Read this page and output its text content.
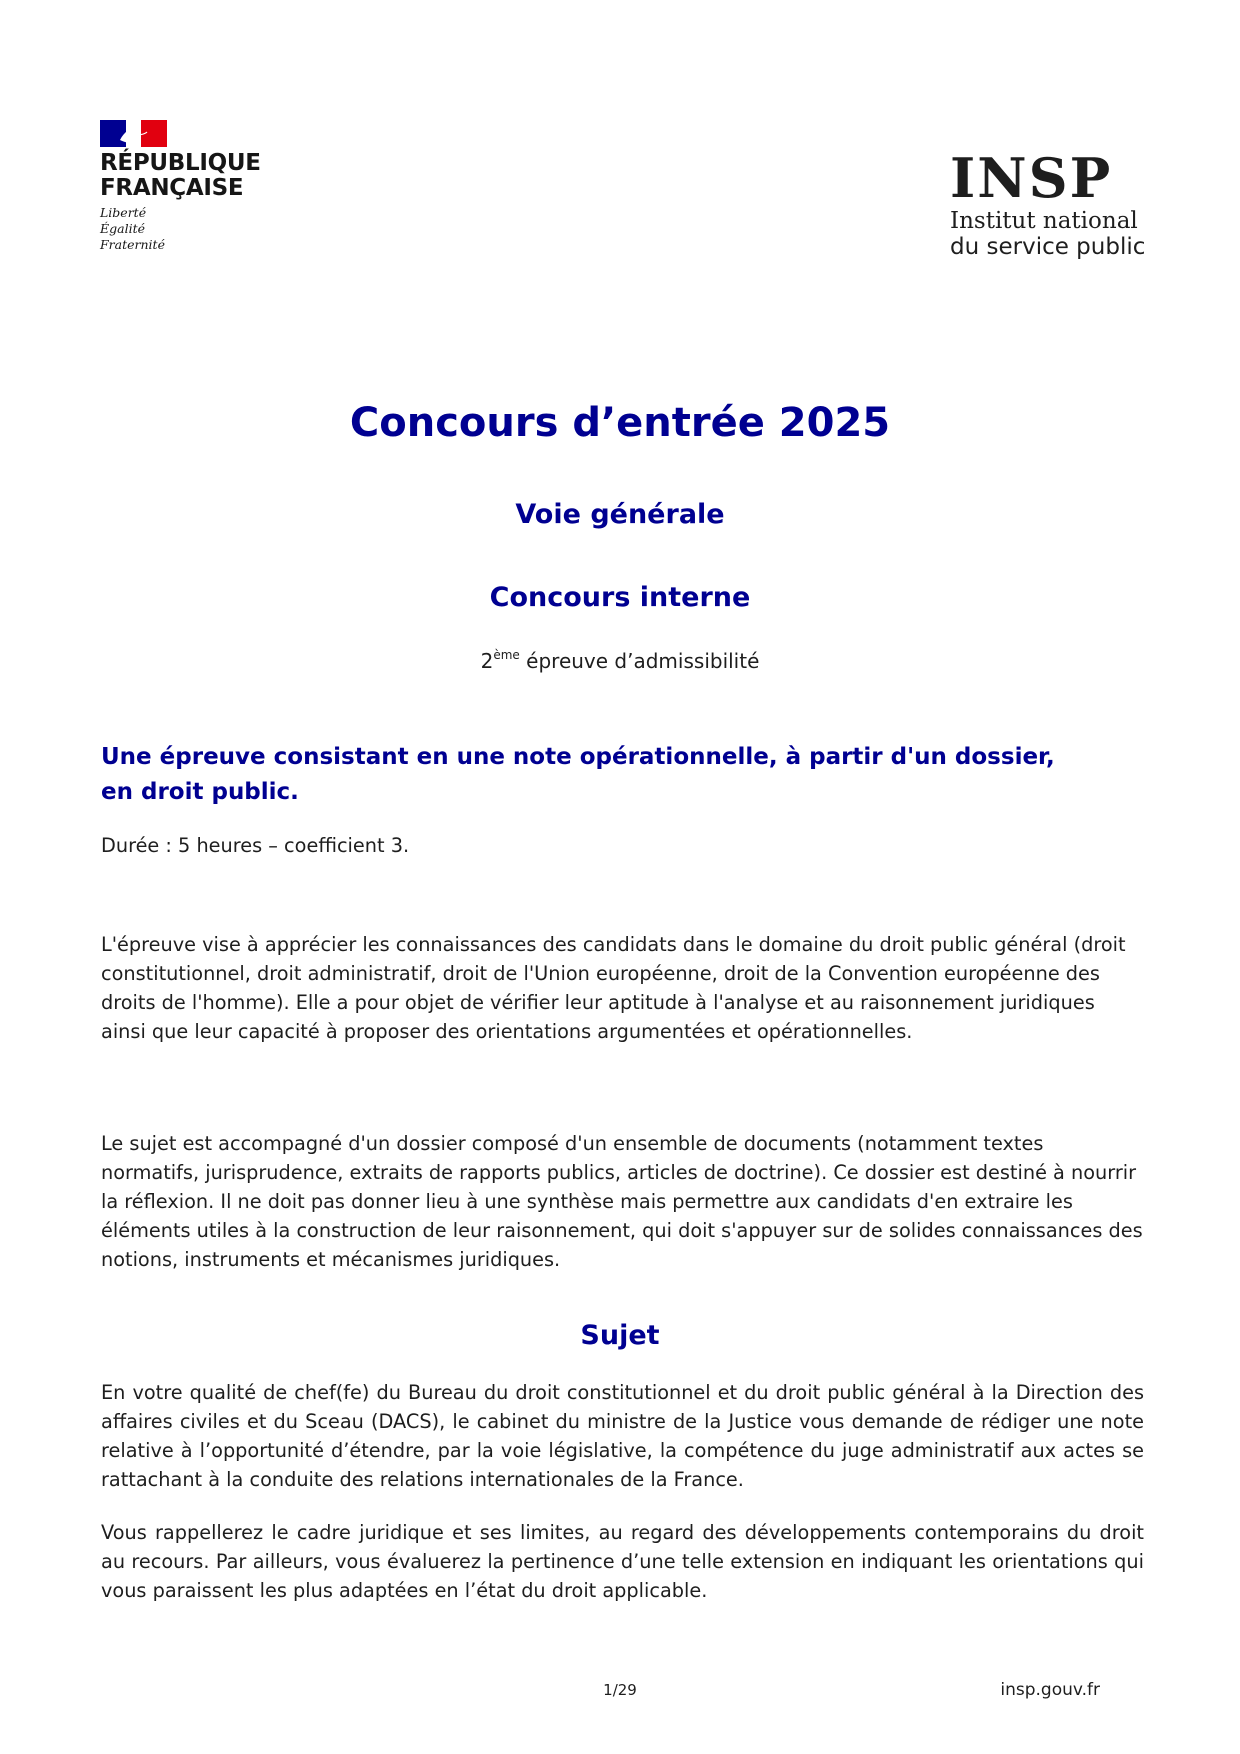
RÉPUBLIQUE
FRANÇAISE
Liberté
Égalité
Fraternité
INSP
Institut national
du service public
Concours d’entrée 2025
Voie générale
Concours interne
2ème épreuve d’admissibilité
Une épreuve consistant en une note opérationnelle, à partir d'un dossier, en droit public.
Durée : 5 heures – coefficient 3.
L'épreuve vise à apprécier les connaissances des candidats dans le domaine du droit public général (droit constitutionnel, droit administratif, droit de l'Union européenne, droit de la Convention européenne des droits de l'homme). Elle a pour objet de vérifier leur aptitude à l'analyse et au raisonnement juridiques ainsi que leur capacité à proposer des orientations argumentées et opérationnelles.
Le sujet est accompagné d'un dossier composé d'un ensemble de documents (notamment textes normatifs, jurisprudence, extraits de rapports publics, articles de doctrine). Ce dossier est destiné à nourrir la réflexion. Il ne doit pas donner lieu à une synthèse mais permettre aux candidats d'en extraire les éléments utiles à la construction de leur raisonnement, qui doit s'appuyer sur de solides connaissances des notions, instruments et mécanismes juridiques.
Sujet
En votre qualité de chef(fe) du Bureau du droit constitutionnel et du droit public général à la Direction des affaires civiles et du Sceau (DACS), le cabinet du ministre de la Justice vous demande de rédiger une note relative à l’opportunité d’étendre, par la voie législative, la compétence du juge administratif aux actes se rattachant à la conduite des relations internationales de la France.
Vous rappellerez le cadre juridique et ses limites, au regard des développements contemporains du droit au recours. Par ailleurs, vous évaluerez la pertinence d’une telle extension en indiquant les orientations qui vous paraissent les plus adaptées en l’état du droit applicable.
1/29	insp.gouv.fr
